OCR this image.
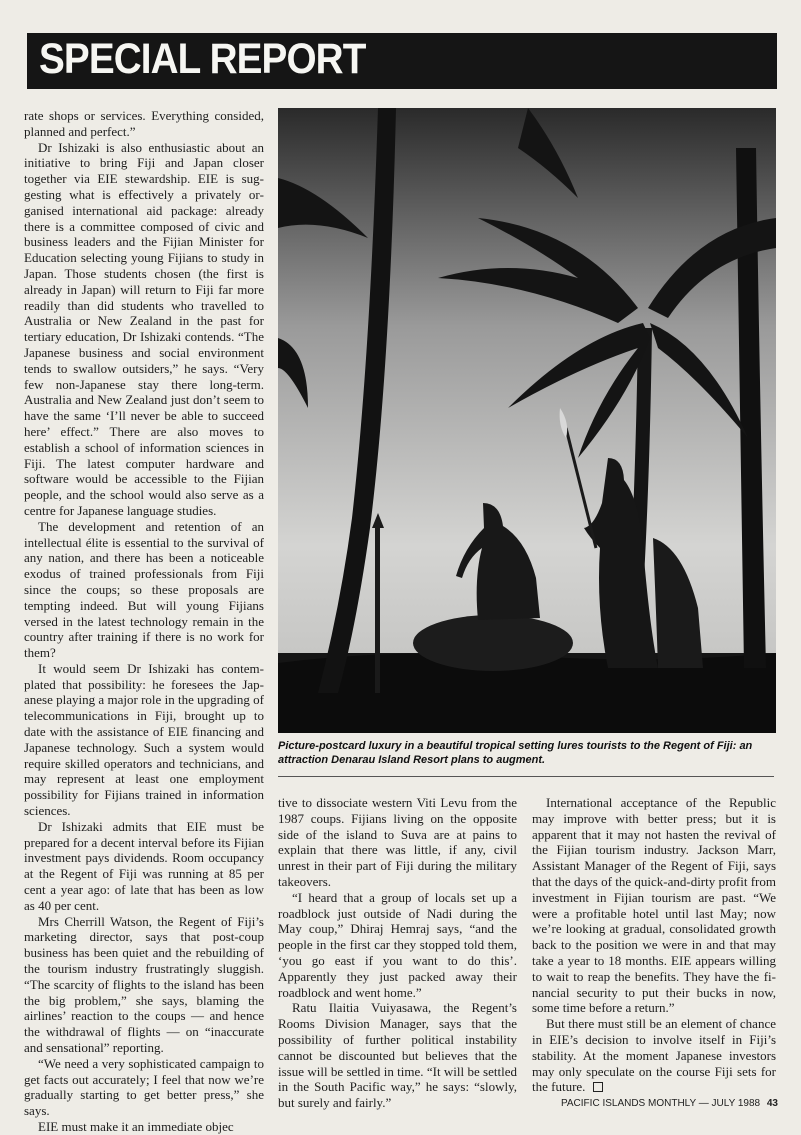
SPECIAL REPORT

rate shops or services. Everything consided, planned and perfect.”

Dr Ishizaki is also enthusiastic about an initiative to bring Fiji and Japan closer together via EIE stewardship. EIE is suggesting what is effectively a privately organised international aid package: already there is a committee composed of civic and business leaders and the Fijian Minister for Education selecting young Fijians to study in Japan. Those students chosen (the first is already in Japan) will return to Fiji far more readily than did students who travelled to Australia or New Zealand in the past for tertiary education, Dr Ishizaki contends. “The Japanese business and social environment tends to swallow outsiders,” he says. “Very few non-Japanese stay there long-term. Australia and New Zealand just don’t seem to have the same ‘I’ll never be able to succeed here’ effect.” There are also moves to establish a school of information sciences in Fiji. The latest computer hardware and software would be accessible to the Fijian people, and the school would also serve as a centre for Japanese language studies.

The development and retention of an intellectual élite is essential to the survival of any nation, and there has been a noticeable exodus of trained professionals from Fiji since the coups; so these proposals are tempting indeed. But will young Fijians versed in the latest technology remain in the country after training if there is no work for them?

It would seem Dr Ishizaki has contemplated that possibility: he foresees the Japanese playing a major role in the upgrading of telecommunications in Fiji, brought up to date with the assistance of EIE financing and Japanese technology. Such a system would require skilled operators and technicians, and may represent at least one employment possibility for Fijians trained in information sciences.

Dr Ishizaki admits that EIE must be prepared for a decent interval before its Fijian investment pays dividends. Room occupancy at the Regent of Fiji was running at 85 per cent a year ago: of late that has been as low as 40 per cent.

Mrs Cherrill Watson, the Regent of Fiji’s marketing director, says that post-coup business has been quiet and the rebuilding of the tourism industry frustratingly sluggish. “The scarcity of flights to the island has been the big problem,” she says, blaming the airlines’ reaction to the coups — and hence the withdrawal of flights — on “inaccurate and sensational” reporting.

“We need a very sophisticated campaign to get facts out accurately; I feel that now we’re gradually starting to get better press,” she says.

EIE must make it an immediate objec

Picture-postcard luxury in a beautiful tropical setting lures tourists to the Regent of Fiji: an attraction Denarau Island Resort plans to augment.

tive to dissociate western Viti Levu from the 1987 coups. Fijians living on the opposite side of the island to Suva are at pains to explain that there was little, if any, civil unrest in their part of Fiji during the military takeovers.

“I heard that a group of locals set up a roadblock just outside of Nadi during the May coup,” Dhiraj Hemraj says, “and the people in the first car they stopped told them, ‘you go east if you want to do this’. Apparently they just packed away their roadblock and went home.”

Ratu Ilaitia Vuiyasawa, the Regent’s Rooms Division Manager, says that the possibility of further political instability cannot be discounted but believes that the issue will be settled in time. “It will be settled in the South Pacific way,” he says: “slowly, but surely and fairly.”

International acceptance of the Republic may improve with better press; but it is apparent that it may not hasten the revival of the Fijian tourism industry. Jackson Marr, Assistant Manager of the Regent of Fiji, says that the days of the quick-and-dirty profit from investment in Fijian tourism are past. “We were a profitable hotel until last May; now we’re looking at gradual, consolidated growth back to the position we were in and that may take a year to 18 months. EIE appears willing to wait to reap the benefits. They have the financial security to put their bucks in now, some time before a return.”

But there must still be an element of chance in EIE’s decision to involve itself in Fiji’s stability. At the moment Japanese investors may only speculate on the course Fiji sets for the future.

PACIFIC ISLANDS MONTHLY — JULY 1988 43
